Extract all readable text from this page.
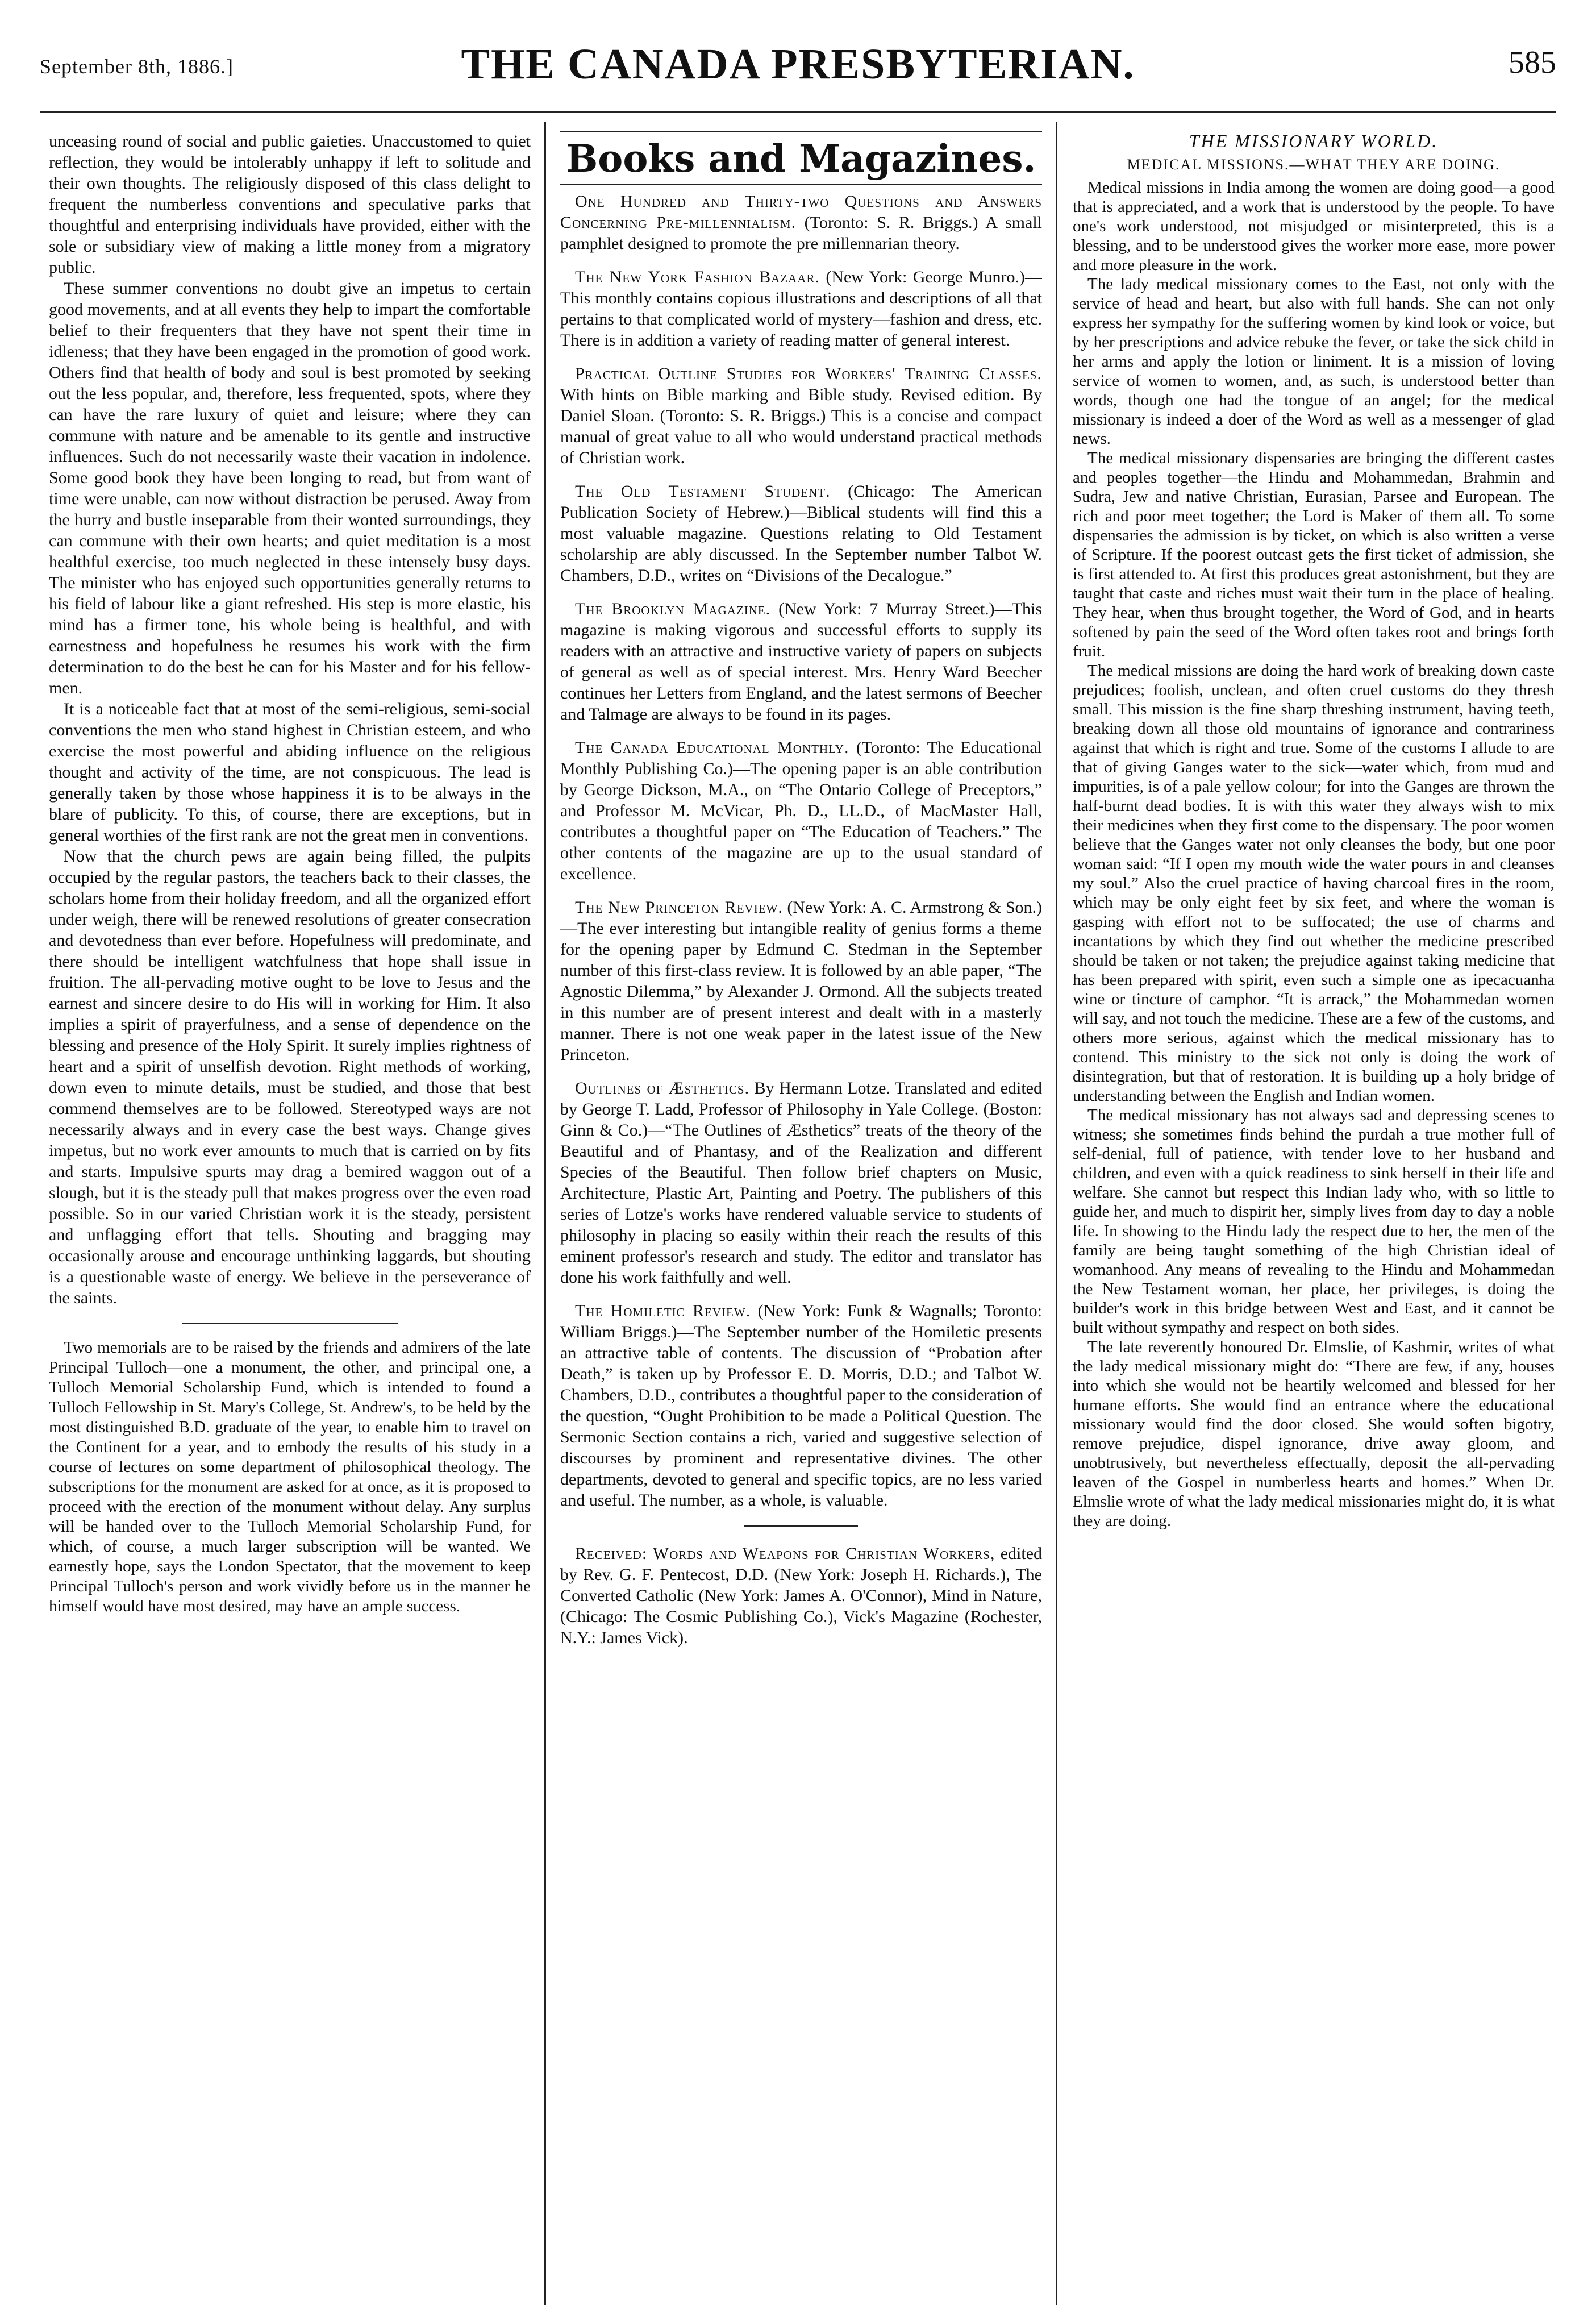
September 8th, 1886.]	THE CANADA PRESBYTERIAN.	585

unceasing round of social and public gaieties. Unaccustomed to quiet reflection, they would be intolerably unhappy if left to solitude and their own thoughts. The religiously disposed of this class delight to frequent the numberless conventions and speculative parks that thoughtful and enterprising individuals have provided, either with the sole or subsidiary view of making a little money from a migratory public.

These summer conventions no doubt give an impetus to certain good movements, and at all events they help to impart the comfortable belief to their frequenters that they have not spent their time in idleness; that they have been engaged in the promotion of good work. Others find that health of body and soul is best promoted by seeking out the less popular, and, therefore, less frequented, spots, where they can have the rare luxury of quiet and leisure; where they can commune with nature and be amenable to its gentle and instructive influences. Such do not necessarily waste their vacation in indolence. Some good book they have been longing to read, but from want of time were unable, can now without distraction be perused. Away from the hurry and bustle inseparable from their wonted surroundings, they can commune with their own hearts; and quiet meditation is a most healthful exercise, too much neglected in these intensely busy days. The minister who has enjoyed such opportunities generally returns to his field of labour like a giant refreshed. His step is more elastic, his mind has a firmer tone, his whole being is healthful, and with earnestness and hopefulness he resumes his work with the firm determination to do the best he can for his Master and for his fellow-men.

It is a noticeable fact that at most of the semi-religious, semi-social conventions the men who stand highest in Christian esteem, and who exercise the most powerful and abiding influence on the religious thought and activity of the time, are not conspicuous. The lead is generally taken by those whose happiness it is to be always in the blare of publicity. To this, of course, there are exceptions, but in general worthies of the first rank are not the great men in conventions.

Now that the church pews are again being filled, the pulpits occupied by the regular pastors, the teachers back to their classes, the scholars home from their holiday freedom, and all the organized effort under weigh, there will be renewed resolutions of greater consecration and devotedness than ever before. Hopefulness will predominate, and there should be intelligent watchfulness that hope shall issue in fruition. The all-pervading motive ought to be love to Jesus and the earnest and sincere desire to do His will in working for Him. It also implies a spirit of prayerfulness, and a sense of dependence on the blessing and presence of the Holy Spirit. It surely implies rightness of heart and a spirit of unselfish devotion. Right methods of working, down even to minute details, must be studied, and those that best commend themselves are to be followed. Stereotyped ways are not necessarily always and in every case the best ways. Change gives impetus, but no work ever amounts to much that is carried on by fits and starts. Impulsive spurts may drag a bemired waggon out of a slough, but it is the steady pull that makes progress over the even road possible. So in our varied Christian work it is the steady, persistent and unflagging effort that tells. Shouting and bragging may occasionally arouse and encourage unthinking laggards, but shouting is a questionable waste of energy. We believe in the perseverance of the saints.

Two memorials are to be raised by the friends and admirers of the late Principal Tulloch—one a monument, the other, and principal one, a Tulloch Memorial Scholarship Fund, which is intended to found a Tulloch Fellowship in St. Mary's College, St. Andrew's, to be held by the most distinguished B.D. graduate of the year, to enable him to travel on the Continent for a year, and to embody the results of his study in a course of lectures on some department of philosophical theology. The subscriptions for the monument are asked for at once, as it is proposed to proceed with the erection of the monument without delay. Any surplus will be handed over to the Tulloch Memorial Scholarship Fund, for which, of course, a much larger subscription will be wanted. We earnestly hope, says the London Spectator, that the movement to keep Principal Tulloch's person and work vividly before us in the manner he himself would have most desired, may have an ample success.

Books and Magazines.

One Hundred and Thirty-two Questions and Answers Concerning Pre-millennialism. (Toronto: S. R. Briggs.) A small pamphlet designed to promote the pre millennarian theory.

The New York Fashion Bazaar. (New York: George Munro.)—This monthly contains copious illustrations and descriptions of all that pertains to that complicated world of mystery—fashion and dress, etc. There is in addition a variety of reading matter of general interest.

Practical Outline Studies for Workers' Training Classes. With hints on Bible marking and Bible study. Revised edition. By Daniel Sloan. (Toronto: S. R. Briggs.) This is a concise and compact manual of great value to all who would understand practical methods of Christian work.

The Old Testament Student. (Chicago: The American Publication Society of Hebrew.)—Biblical students will find this a most valuable magazine. Questions relating to Old Testament scholarship are ably discussed. In the September number Talbot W. Chambers, D.D., writes on “Divisions of the Decalogue.”

The Brooklyn Magazine. (New York: 7 Murray Street.)—This magazine is making vigorous and successful efforts to supply its readers with an attractive and instructive variety of papers on subjects of general as well as of special interest. Mrs. Henry Ward Beecher continues her Letters from England, and the latest sermons of Beecher and Talmage are always to be found in its pages.

The Canada Educational Monthly. (Toronto: The Educational Monthly Publishing Co.)—The opening paper is an able contribution by George Dickson, M.A., on “The Ontario College of Preceptors,” and Professor M. McVicar, Ph. D., LL.D., of MacMaster Hall, contributes a thoughtful paper on “The Education of Teachers.” The other contents of the magazine are up to the usual standard of excellence.

The New Princeton Review. (New York: A. C. Armstrong & Son.)—The ever interesting but intangible reality of genius forms a theme for the opening paper by Edmund C. Stedman in the September number of this first-class review. It is followed by an able paper, “The Agnostic Dilemma,” by Alexander J. Ormond. All the subjects treated in this number are of present interest and dealt with in a masterly manner. There is not one weak paper in the latest issue of the New Princeton.

Outlines of Æsthetics. By Hermann Lotze. Translated and edited by George T. Ladd, Professor of Philosophy in Yale College. (Boston: Ginn & Co.)—“The Outlines of Æsthetics” treats of the theory of the Beautiful and of Phantasy, and of the Realization and different Species of the Beautiful. Then follow brief chapters on Music, Architecture, Plastic Art, Painting and Poetry. The publishers of this series of Lotze's works have rendered valuable service to students of philosophy in placing so easily within their reach the results of this eminent professor's research and study. The editor and translator has done his work faithfully and well.

The Homiletic Review. (New York: Funk & Wagnalls; Toronto: William Briggs.)—The September number of the Homiletic presents an attractive table of contents. The discussion of “Probation after Death,” is taken up by Professor E. D. Morris, D.D.; and Talbot W. Chambers, D.D., contributes a thoughtful paper to the consideration of the question, “Ought Prohibition to be made a Political Question. The Sermonic Section contains a rich, varied and suggestive selection of discourses by prominent and representative divines. The other departments, devoted to general and specific topics, are no less varied and useful. The number, as a whole, is valuable.

Received: Words and Weapons for Christian Workers, edited by Rev. G. F. Pentecost, D.D. (New York: Joseph H. Richards.), The Converted Catholic (New York: James A. O'Connor), Mind in Nature, (Chicago: The Cosmic Publishing Co.), Vick's Magazine (Rochester, N.Y.: James Vick).

THE MISSIONARY WORLD.
MEDICAL MISSIONS.—WHAT THEY ARE DOING.

Medical missions in India among the women are doing good—a good that is appreciated, and a work that is understood by the people. To have one's work understood, not misjudged or misinterpreted, this is a blessing, and to be understood gives the worker more ease, more power and more pleasure in the work.

The lady medical missionary comes to the East, not only with the service of head and heart, but also with full hands. She can not only express her sympathy for the suffering women by kind look or voice, but by her prescriptions and advice rebuke the fever, or take the sick child in her arms and apply the lotion or liniment. It is a mission of loving service of women to women, and, as such, is understood better than words, though one had the tongue of an angel; for the medical missionary is indeed a doer of the Word as well as a messenger of glad news.

The medical missionary dispensaries are bringing the different castes and peoples together—the Hindu and Mohammedan, Brahmin and Sudra, Jew and native Christian, Eurasian, Parsee and European. The rich and poor meet together; the Lord is Maker of them all. To some dispensaries the admission is by ticket, on which is also written a verse of Scripture. If the poorest outcast gets the first ticket of admission, she is first attended to. At first this produces great astonishment, but they are taught that caste and riches must wait their turn in the place of healing. They hear, when thus brought together, the Word of God, and in hearts softened by pain the seed of the Word often takes root and brings forth fruit.

The medical missions are doing the hard work of breaking down caste prejudices; foolish, unclean, and often cruel customs do they thresh small. This mission is the fine sharp threshing instrument, having teeth, breaking down all those old mountains of ignorance and contrariness against that which is right and true. Some of the customs I allude to are that of giving Ganges water to the sick—water which, from mud and impurities, is of a pale yellow colour; for into the Ganges are thrown the half-burnt dead bodies. It is with this water they always wish to mix their medicines when they first come to the dispensary. The poor women believe that the Ganges water not only cleanses the body, but one poor woman said: “If I open my mouth wide the water pours in and cleanses my soul.” Also the cruel practice of having charcoal fires in the room, which may be only eight feet by six feet, and where the woman is gasping with effort not to be suffocated; the use of charms and incantations by which they find out whether the medicine prescribed should be taken or not taken; the prejudice against taking medicine that has been prepared with spirit, even such a simple one as ipecacuanha wine or tincture of camphor. “It is arrack,” the Mohammedan women will say, and not touch the medicine. These are a few of the customs, and others more serious, against which the medical missionary has to contend. This ministry to the sick not only is doing the work of disintegration, but that of restoration. It is building up a holy bridge of understanding between the English and Indian women.

The medical missionary has not always sad and depressing scenes to witness; she sometimes finds behind the purdah a true mother full of self-denial, full of patience, with tender love to her husband and children, and even with a quick readiness to sink herself in their life and welfare. She cannot but respect this Indian lady who, with so little to guide her, and much to dispirit her, simply lives from day to day a noble life. In showing to the Hindu lady the respect due to her, the men of the family are being taught something of the high Christian ideal of womanhood. Any means of revealing to the Hindu and Mohammedan the New Testament woman, her place, her privileges, is doing the builder's work in this bridge between West and East, and it cannot be built without sympathy and respect on both sides.

The late reverently honoured Dr. Elmslie, of Kashmir, writes of what the lady medical missionary might do: “There are few, if any, houses into which she would not be heartily welcomed and blessed for her humane efforts. She would find an entrance where the educational missionary would find the door closed. She would soften bigotry, remove prejudice, dispel ignorance, drive away gloom, and unobtrusively, but nevertheless effectually, deposit the all-pervading leaven of the Gospel in numberless hearts and homes.” When Dr. Elmslie wrote of what the lady medical missionaries might do, it is what they are doing.
